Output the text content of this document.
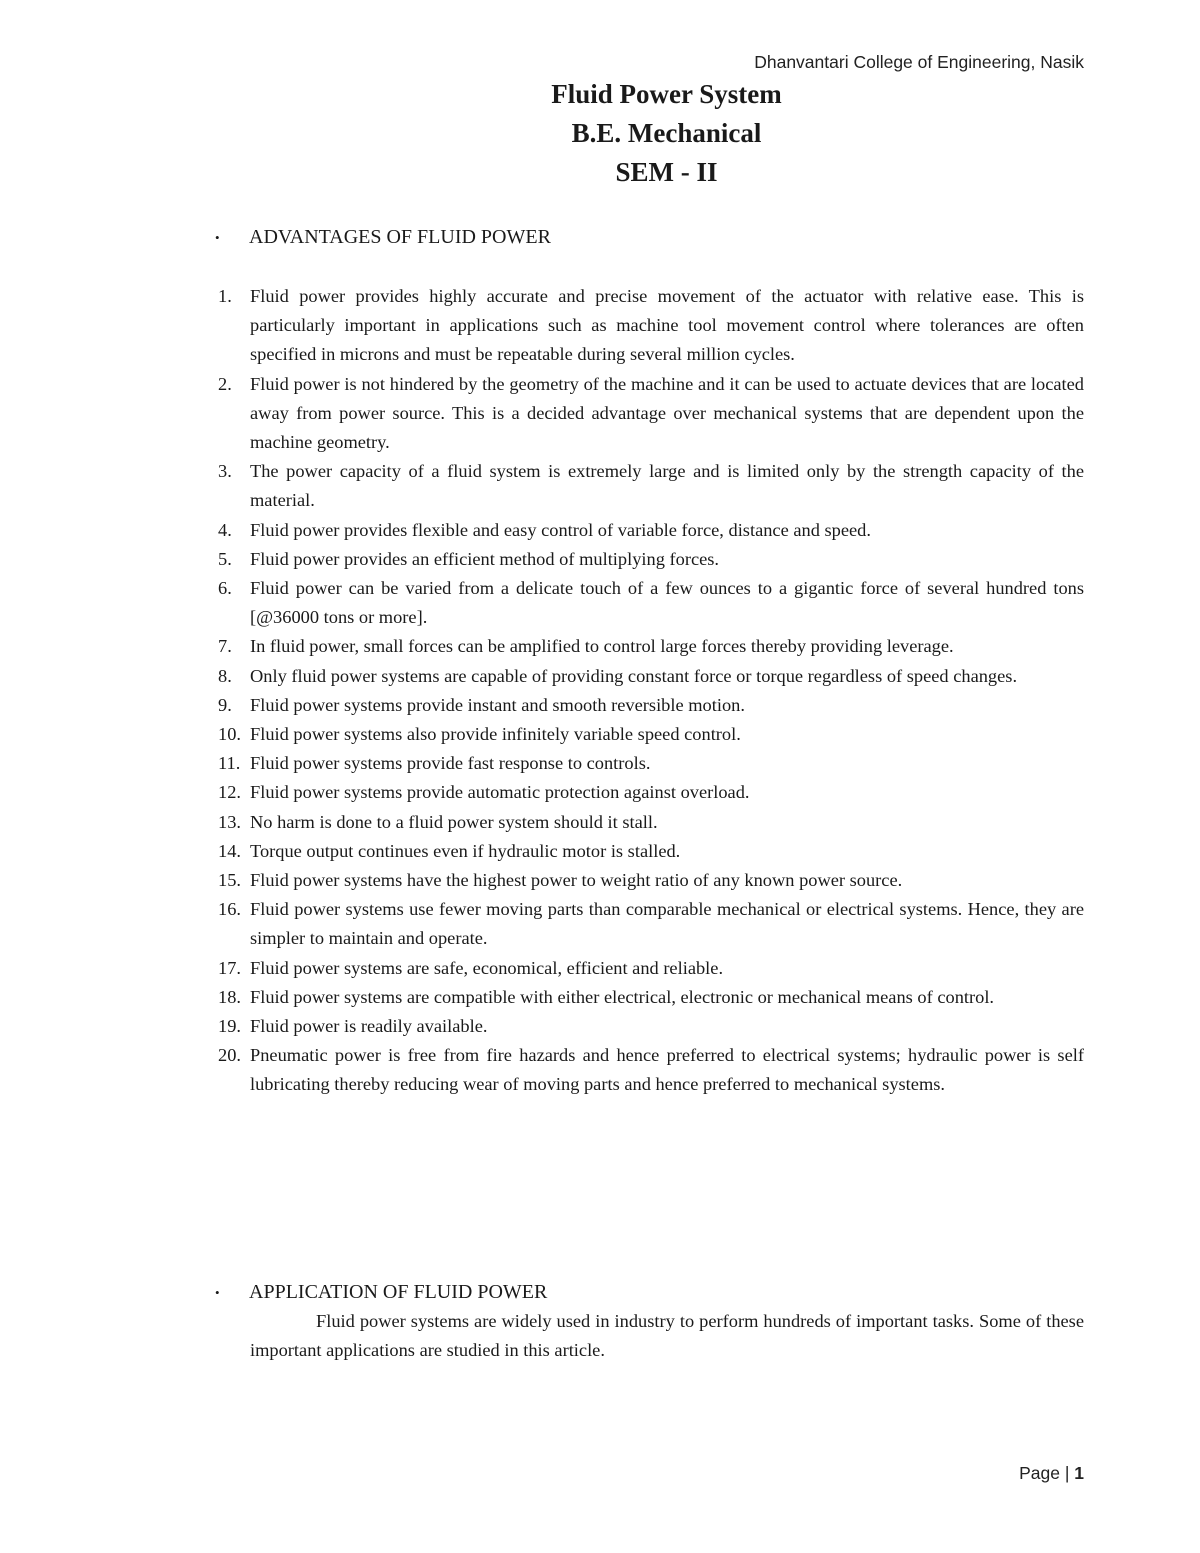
Dhanvantari College of Engineering, Nasik

Fluid Power System

B.E. Mechanical

SEM - II

•	ADVANTAGES OF FLUID POWER
1. Fluid power provides highly accurate and precise movement of the actuator with relative ease. This is particularly important in applications such as machine tool movement control where tolerances are often specified in microns and must be repeatable during several million cycles.
2. Fluid power is not hindered by the geometry of the machine and it can be used to actuate devices that are located away from power source. This is a decided advantage over mechanical systems that are dependent upon the machine geometry.
3. The power capacity of a fluid system is extremely large and is limited only by the strength capacity of the material.
4. Fluid power provides flexible and easy control of variable force, distance and speed.
5. Fluid power provides an efficient method of multiplying forces.
6. Fluid power can be varied from a delicate touch of a few ounces to a gigantic force of several hundred tons [@36000 tons or more].
7. In fluid power, small forces can be amplified to control large forces thereby providing leverage.
8. Only fluid power systems are capable of providing constant force or torque regardless of speed changes.
9. Fluid power systems provide instant and smooth reversible motion.
10. Fluid power systems also provide infinitely variable speed control.
11. Fluid power systems provide fast response to controls.
12. Fluid power systems provide automatic protection against overload.
13. No harm is done to a fluid power system should it stall.
14. Torque output continues even if hydraulic motor is stalled.
15. Fluid power systems have the highest power to weight ratio of any known power source.
16. Fluid power systems use fewer moving parts than comparable mechanical or electrical systems. Hence, they are simpler to maintain and operate.
17. Fluid power systems are safe, economical, efficient and reliable.
18. Fluid power systems are compatible with either electrical, electronic or mechanical means of control.
19. Fluid power is readily available.
20. Pneumatic power is free from fire hazards and hence preferred to electrical systems; hydraulic power is self lubricating thereby reducing wear of moving parts and hence preferred to mechanical systems.
•	APPLICATION OF FLUID POWER

Fluid power systems are widely used in industry to perform hundreds of important tasks. Some of these important applications are studied in this article.

Page | 1
